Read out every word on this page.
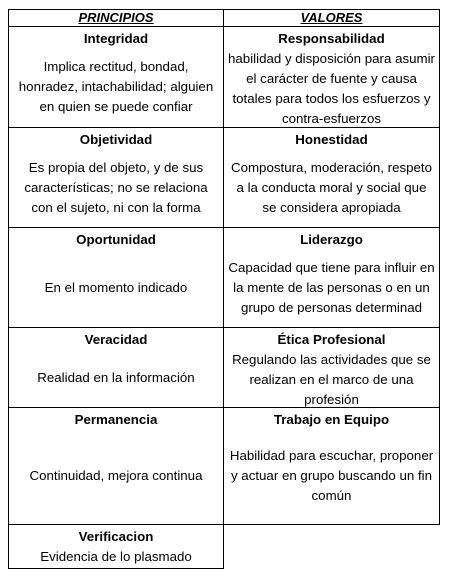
PRINCIPIOS	VALORES
Integridad
Implica rectitud, bondad, honradez, intachabilidad; alguien en quien se puede confiar
Responsabilidad
habilidad y disposición para asumir el carácter de fuente y causa totales para todos los esfuerzos y contra-esfuerzos
Objetividad
Es propia del objeto, y de sus características; no se relaciona con el sujeto, ni con la forma
Honestidad
Compostura, moderación, respeto a la conducta moral y social que se considera apropiada
Oportunidad
En el momento indicado
Liderazgo
Capacidad que tiene para influir en la mente de las personas o en un grupo de personas determinad
Veracidad
Realidad en la información
Ética Profesional
Regulando las actividades que se realizan en el marco de una profesión
Permanencia
Continuidad, mejora continua
Trabajo en Equipo
Habilidad para escuchar, proponer y actuar en grupo buscando un fin común
Verificacion
Evidencia de lo plasmado
